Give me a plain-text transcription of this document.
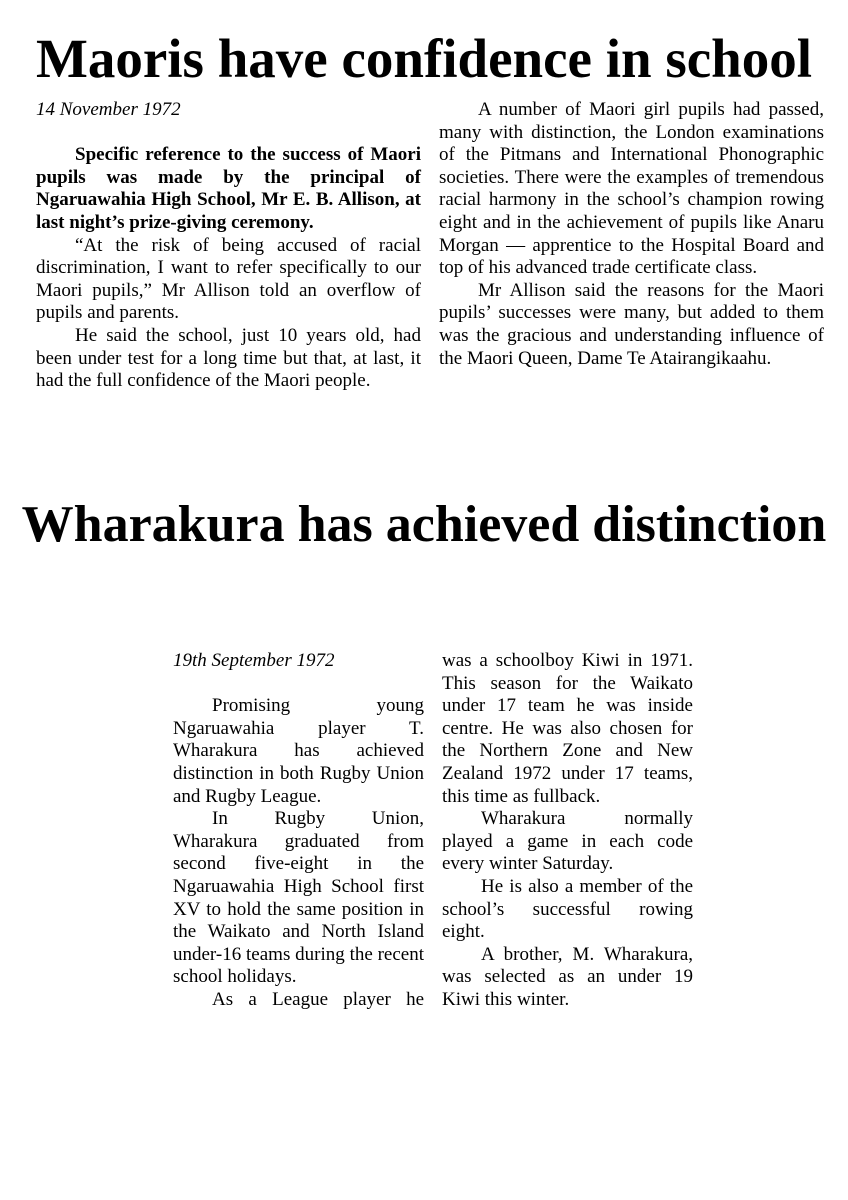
Maoris have confidence in school

14 November 1972

Specific reference to the success of Maori pupils was made by the principal of Ngaruawahia High School, Mr E. B. Allison, at last night’s prize-giving ceremony.

“At the risk of being accused of racial discrimination, I want to refer specifically to our Maori pupils,” Mr Allison told an overflow of pupils and parents.

He said the school, just 10 years old, had been under test for a long time but that, at last, it had the full confidence of the Maori people.

A number of Maori girl pupils had passed, many with distinction, the London examinations of the Pitmans and International Phonographic societies. There were the examples of tremendous racial harmony in the school’s champion rowing eight and in the achievement of pupils like Anaru Morgan — apprentice to the Hospital Board and top of his advanced trade certificate class.

Mr Allison said the reasons for the Maori pupils’ successes were many, but added to them was the gracious and understanding influence of the Maori Queen, Dame Te Atairangikaahu.

Wharakura has achieved distinction

19th September 1972

Promising young Ngaruawahia player T. Wharakura has achieved distinction in both Rugby Union and Rugby League.

In Rugby Union, Wharakura graduated from second five-eight in the Ngaruawahia High School first XV to hold the same position in the Waikato and North Island under-16 teams during the recent school holidays.

As a League player he

was a schoolboy Kiwi in 1971. This season for the Waikato under 17 team he was inside centre. He was also chosen for the Northern Zone and New Zealand 1972 under 17 teams, this time as fullback.

Wharakura normally played a game in each code every winter Saturday.

He is also a member of the school’s successful rowing eight.

A brother, M. Wharakura, was selected as an under 19 Kiwi this winter.
